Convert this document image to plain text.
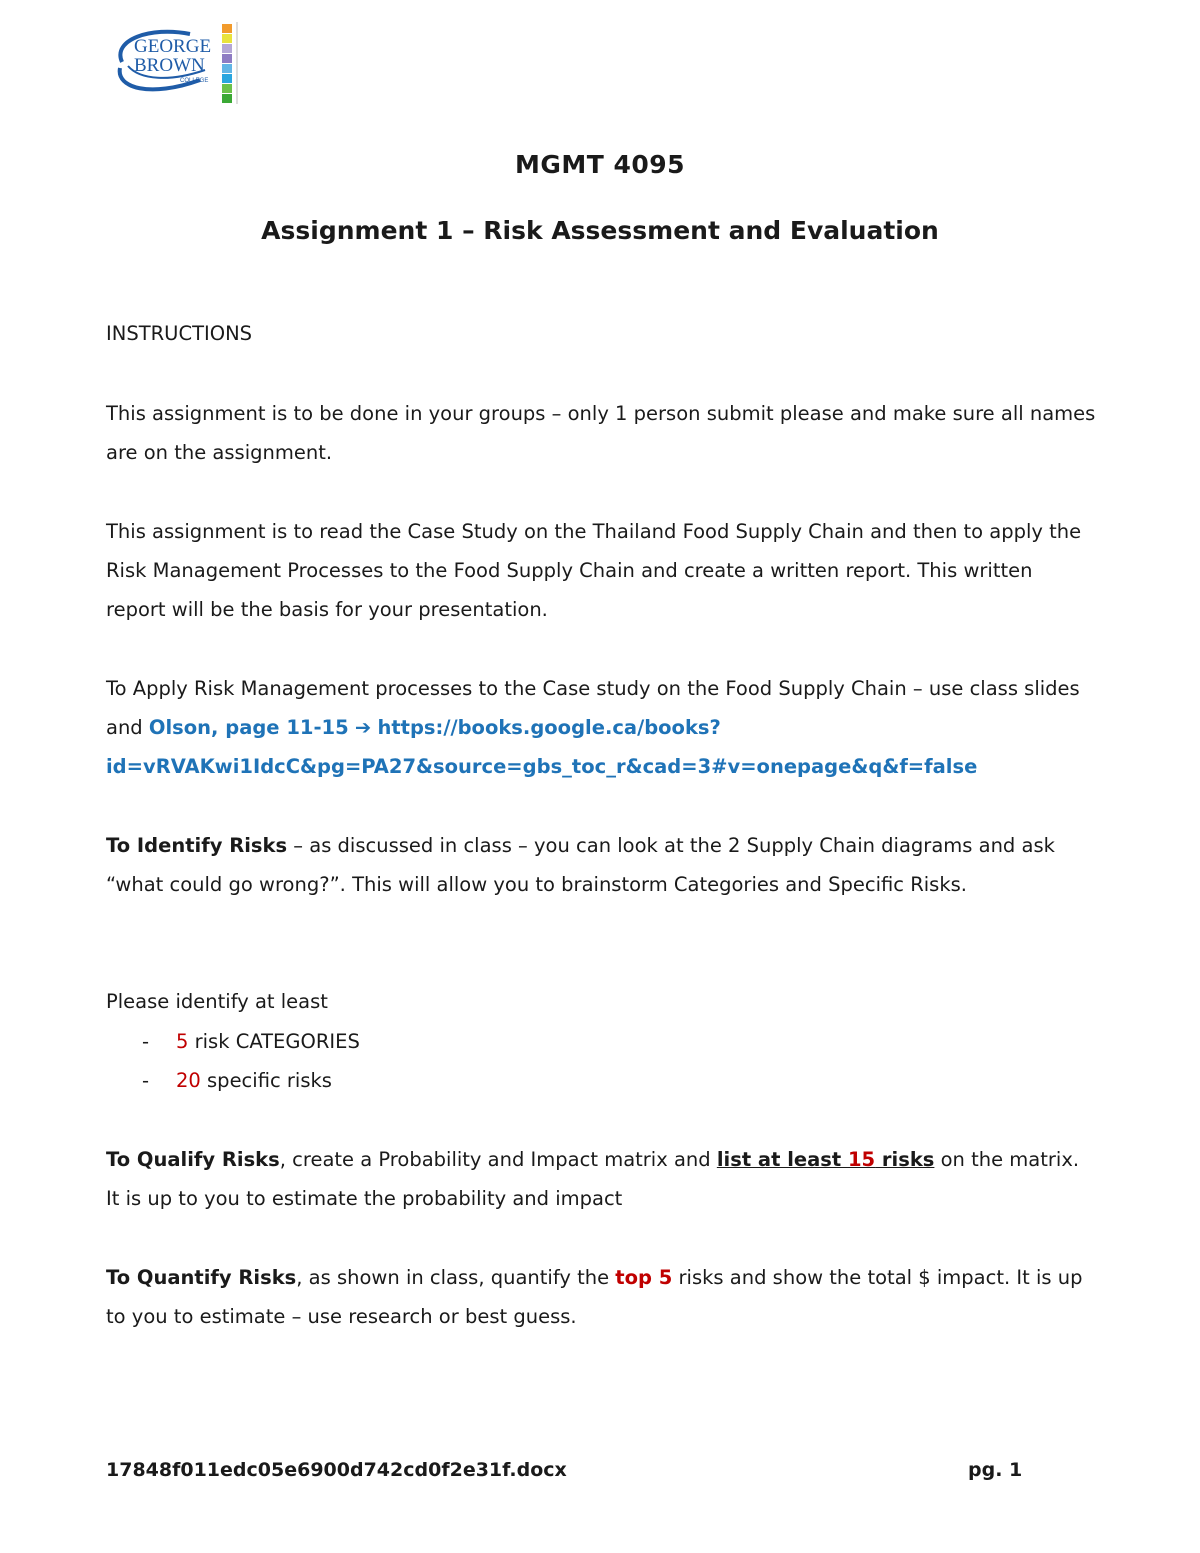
GEORGE
BROWN
COLLEGE
MGMT 4095
Assignment 1 – Risk Assessment and Evaluation
INSTRUCTIONS
This assignment is to be done in your groups – only 1 person submit please and make sure all names are on the assignment.
This assignment is to read the Case Study on the Thailand Food Supply Chain and then to apply the Risk Management Processes to the Food Supply Chain and create a written report. This written report will be the basis for your presentation.
To Apply Risk Management processes to the Case study on the Food Supply Chain – use class slides and Olson, page 11-15 ➔ https://books.google.ca/books?
id=vRVAKwi1IdcC&pg=PA27&source=gbs_toc_r&cad=3#v=onepage&q&f=false
To Identify Risks – as discussed in class – you can look at the 2 Supply Chain diagrams and ask “what could go wrong?”. This will allow you to brainstorm Categories and Specific Risks.
Please identify at least
-	5 risk CATEGORIES
-	20 specific risks
To Qualify Risks, create a Probability and Impact matrix and list at least 15 risks on the matrix. It is up to you to estimate the probability and impact
To Quantify Risks, as shown in class, quantify the top 5 risks and show the total $ impact. It is up to you to estimate – use research or best guess.
17848f011edc05e6900d742cd0f2e31f.docx	pg. 1
